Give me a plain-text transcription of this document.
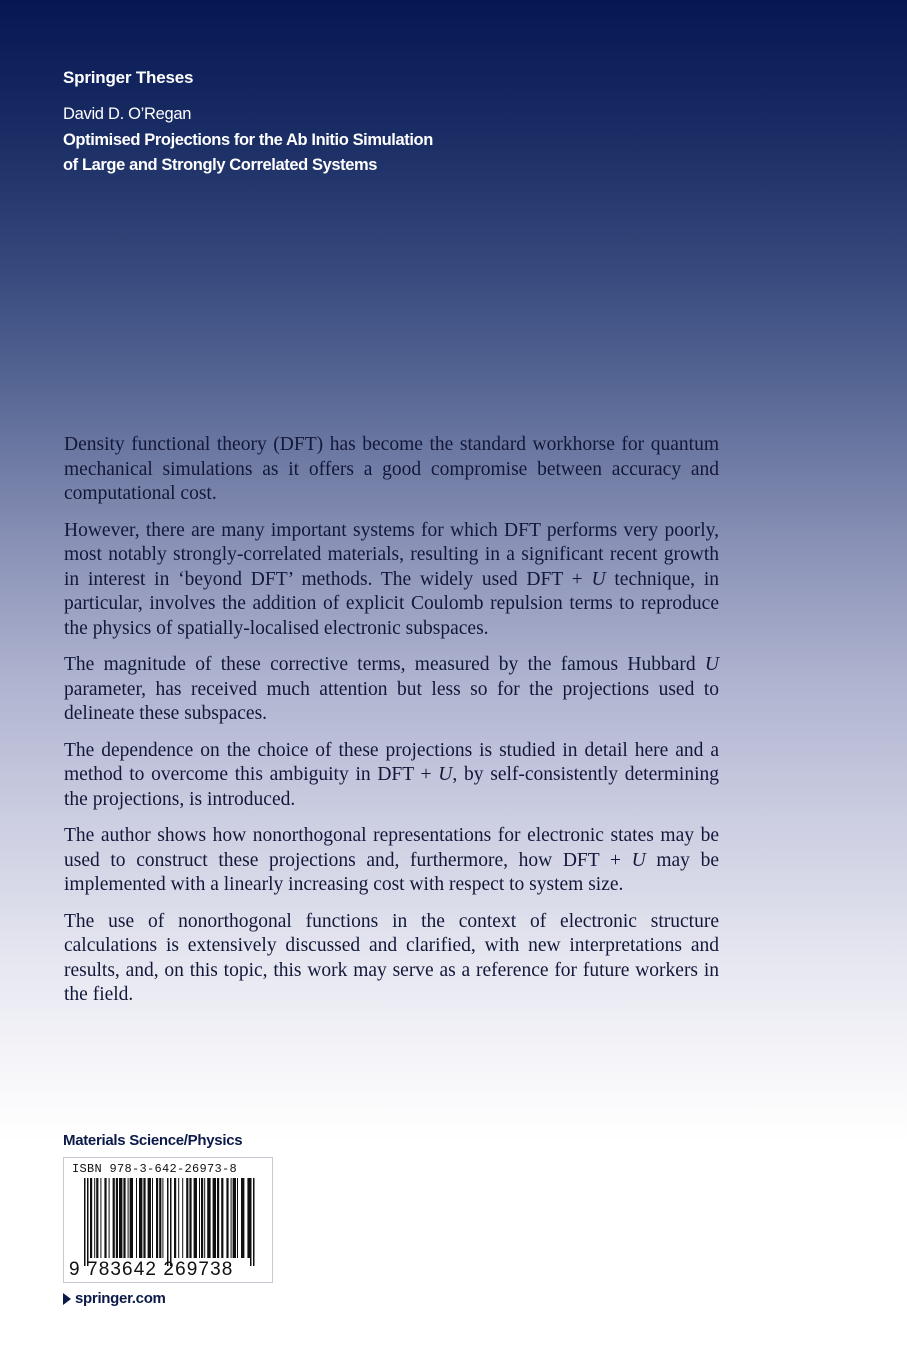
Springer Theses
David D. O’Regan
Optimised Projections for the Ab Initio Simulation
of Large and Strongly Correlated Systems

Density functional theory (DFT) has become the standard workhorse for quantum mechanical simulations as it offers a good compromise between accuracy and computational cost.

However, there are many important systems for which DFT performs very poorly, most notably strongly-correlated materials, resulting in a significant recent growth in interest in ‘beyond DFT’ methods. The widely used DFT + U technique, in particular, involves the addition of explicit Coulomb repulsion terms to reproduce the physics of spatially-localised electronic subspaces.

The magnitude of these corrective terms, measured by the famous Hubbard U parameter, has received much attention but less so for the projections used to delineate these subspaces.

The dependence on the choice of these projections is studied in detail here and a method to overcome this ambiguity in DFT + U, by self-consistently determining the projections, is introduced.

The author shows how nonorthogonal representations for electronic states may be used to construct these projections and, furthermore, how DFT + U may be implemented with a linearly increasing cost with respect to system size.

The use of nonorthogonal functions in the context of electronic structure calculations is extensively discussed and clarified, with new interpretations and results, and, on this topic, this work may serve as a reference for future workers in the field.

Materials Science/Physics
ISBN 978-3-642-26973-8
9 783642 269738
springer.com
